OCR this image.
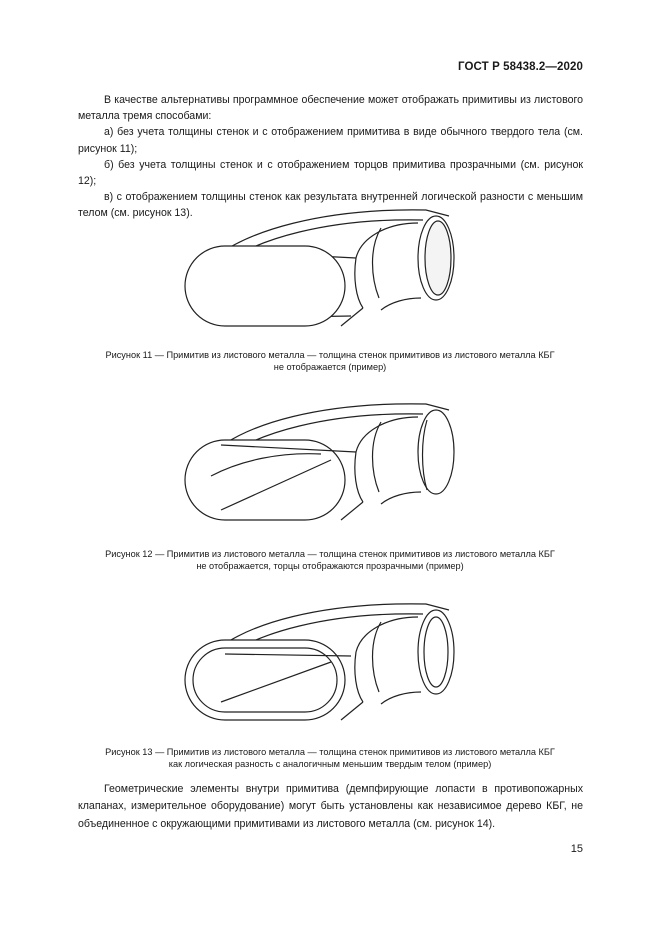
ГОСТ Р 58438.2—2020

В качестве альтернативы программное обеспечение может отображать примитивы из листового металла тремя способами:

а) без учета толщины стенок и с отображением примитива в виде обычного твердого тела (см. рисунок 11);

б) без учета толщины стенок и с отображением торцов примитива прозрачными (см. рисунок 12);

в) с отображением толщины стенок как результата внутренней логической разности с меньшим телом (см. рисунок 13).

Рисунок 11 — Примитив из листового металла — толщина стенок примитивов из листового металла КБГ
не отображается (пример)
Рисунок 12 — Примитив из листового металла — толщина стенок примитивов из листового металла КБГ
не отображается, торцы отображаются прозрачными (пример)
Рисунок 13 — Примитив из листового металла — толщина стенок примитивов из листового металла КБГ
как логическая разность с аналогичным меньшим твердым телом (пример)

Геометрические элементы внутри примитива (демпфирующие лопасти в противопожарных клапанах, измерительное оборудование) могут быть установлены как независимое дерево КБГ, не объединенное с окружающими примитивами из листового металла (см. рисунок 14).

15
